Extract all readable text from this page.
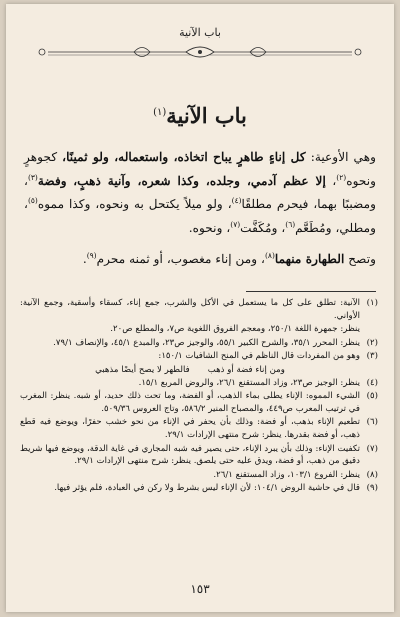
باب الآنية
باب الآنية$^{(١)}$

وهي الأوعية: كل إناءٍ طاهرٍ يباح اتخاذه، واستعماله، ولو ثمينًا، كجوهرٍ ونحوه$^{(٢)}$، إلا عظم آدمي، وجلده، وكذا شعره، وآنية ذهبٍ، وفضة$^{(٣)}$، ومضببًا بهما، فيحرم مطلقًا$^{(٤)}$، ولو ميلاً يكتحل به ونحوه، وكذا مموه$^{(٥)}$، ومطلي، ومُطَعَّم$^{(٦)}$، ومُكَفَّت$^{(٧)}$، ونحوه.

وتصح الطهارة منهما$^{(٨)}$، ومن إناء مغصوب، أو ثمنه محرم$^{(٩)}$.

(١)
الآنية: تطلق على كل ما يستعمل في الأكل والشرب، جمع إناء، كسقاء وأسقية، وجمع الآنية: الأواني.
ينظر: جمهرة اللغة ٢٥٠/١، ومعجم الفروق اللغوية ص٧، والمطلع ص٢٠.
(٢)
ينظر: المحرر ٣٥/١، والشرح الكبير ٥٥/١، والوجيز ص٢٣، والمبدع ٤٥/١، والإنصاف ٧٩/١.
(٣)
وهو من المفردات قال الناظم في المنح الشافيات ١٥٠/١:
ومن إناء فضة أو ذهب
فالطهر لا يصح أيضًا مذهبي
(٤)
ينظر: الوجيز ص٢٣، وزاد المستقنع ٢٦/١، والروض المربع ١٥/١.
(٥)
الشيء المموه: الإناء يطلى بماء الذهب، أو الفضة، وما تحت ذلك حديد، أو شبه. ينظر: المغرب في ترتيب المعرب ص٤٤٩، والمصباح المنير ٥٨٦/٢، وتاج العروس ٥٠٩/٣٦.
(٦)
تطعيم الإناء بذهب، أو فضة: وذلك بأن يحفر في الإناء من نحو خشب حفرًا، ويوضع فيه قطع ذهب، أو فضة بقدرها. ينظر: شرح منتهى الإرادات ٢٩/١.
(٧)
تكفيت الإناء: وذلك بأن يبرد الإناء، حتى يصير فيه شبه المجاري في غاية الدقة، ويوضع فيها شريط دقيق من ذهب، أو فضة، ويدق عليه حتى يلصق. ينظر: شرح منتهى الإرادات ٢٩/١.
(٨)
ينظر: الفروع ١٠٣/١، وزاد المستقنع ٢٦/١.
(٩)
قال في حاشية الروض ١٠٤/١: لأن الإناء ليس بشرط ولا ركن في العبادة، فلم يؤثر فيها.
١٥٣
